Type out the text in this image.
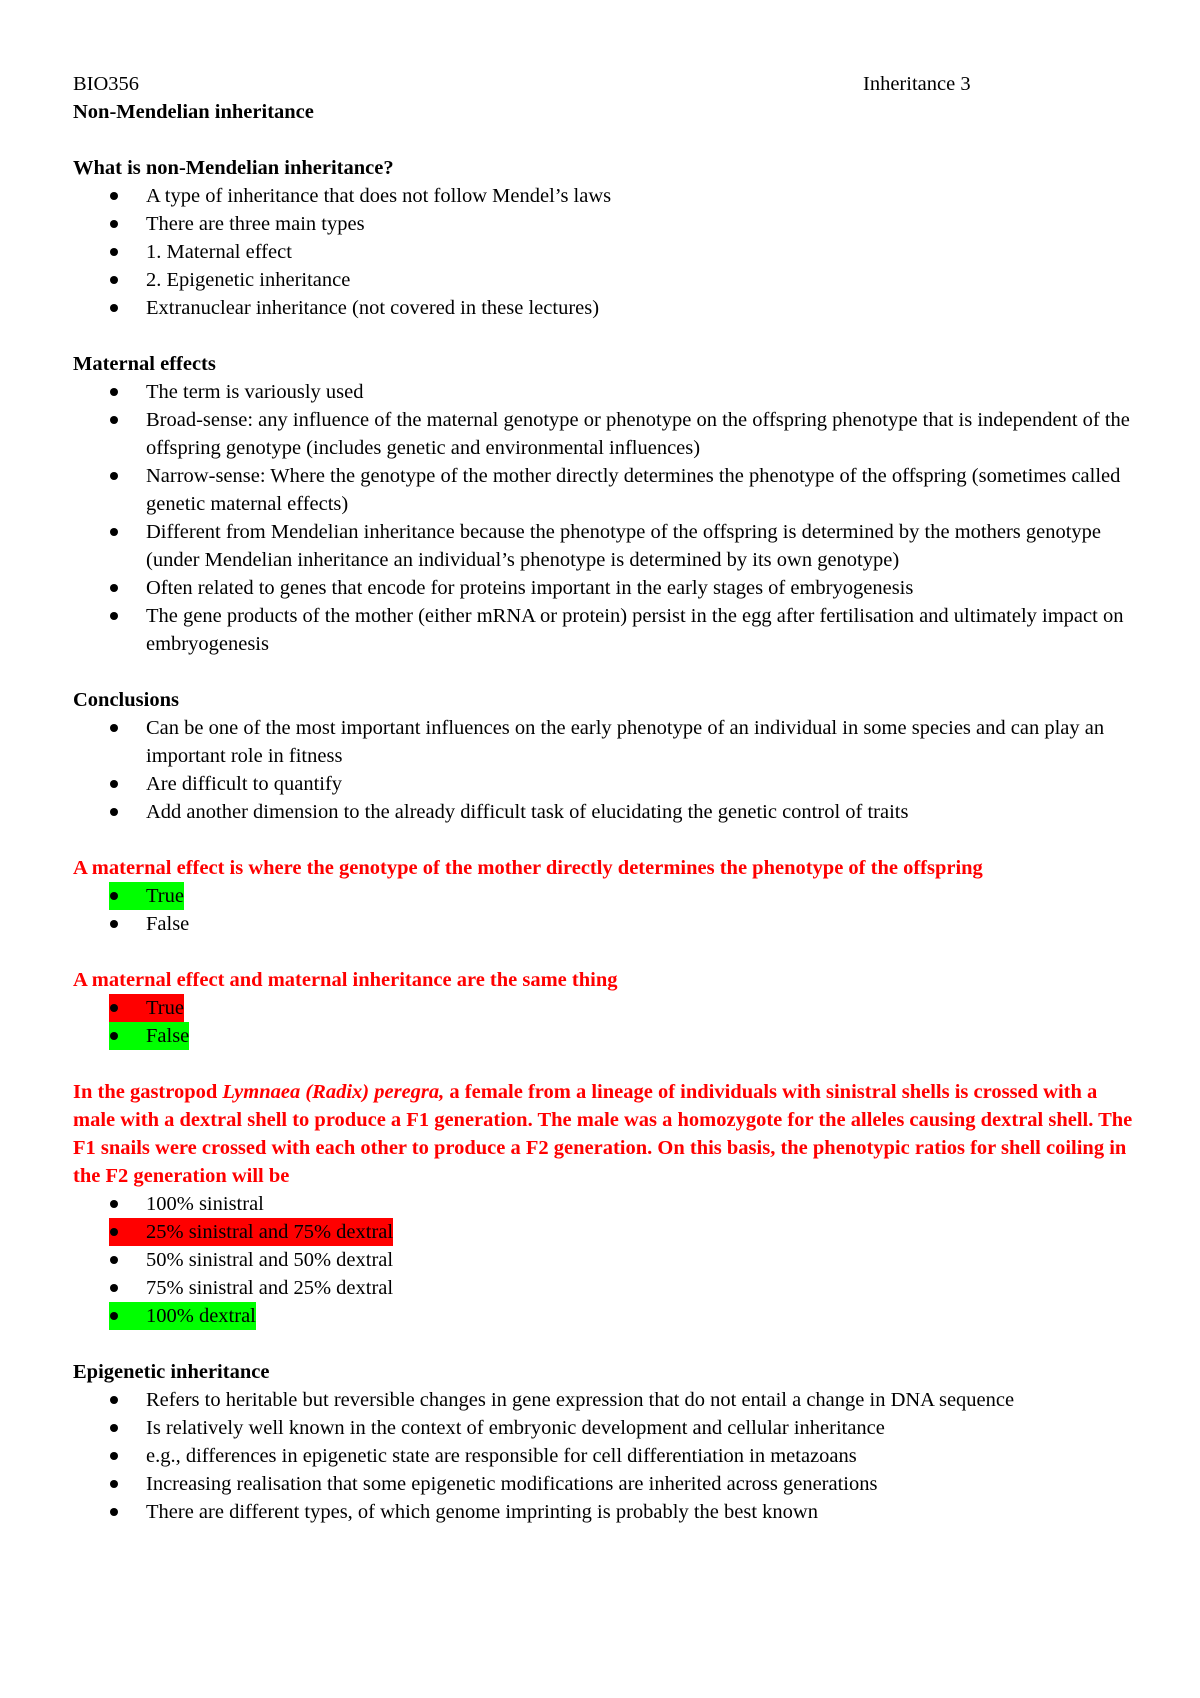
BIO356	Inheritance 3
Non-Mendelian inheritance
What is non-Mendelian inheritance?
A type of inheritance that does not follow Mendel’s laws
There are three main types
1. Maternal effect
2. Epigenetic inheritance
Extranuclear inheritance (not covered in these lectures)
Maternal effects
The term is variously used
Broad-sense: any influence of the maternal genotype or phenotype on the offspring phenotype that is independent of the offspring genotype (includes genetic and environmental influences)
Narrow-sense: Where the genotype of the mother directly determines the phenotype of the offspring (sometimes called genetic maternal effects)
Different from Mendelian inheritance because the phenotype of the offspring is determined by the mothers genotype (under Mendelian inheritance an individual’s phenotype is determined by its own genotype)
Often related to genes that encode for proteins important in the early stages of embryogenesis
The gene products of the mother (either mRNA or protein) persist in the egg after fertilisation and ultimately impact on embryogenesis
Conclusions
Can be one of the most important influences on the early phenotype of an individual in some species and can play an important role in fitness
Are difficult to quantify
Add another dimension to the already difficult task of elucidating the genetic control of traits
A maternal effect is where the genotype of the mother directly determines the phenotype of the offspring
True
False
A maternal effect and maternal inheritance are the same thing
True
False
In the gastropod Lymnaea (Radix) peregra, a female from a lineage of individuals with sinistral shells is crossed with a male with a dextral shell to produce a F1 generation. The male was a homozygote for the alleles causing dextral shell. The F1 snails were crossed with each other to produce a F2 generation. On this basis, the phenotypic ratios for shell coiling in the F2 generation will be
100% sinistral
25% sinistral and 75% dextral
50% sinistral and 50% dextral
75% sinistral and 25% dextral
100% dextral
Epigenetic inheritance
Refers to heritable but reversible changes in gene expression that do not entail a change in DNA sequence
Is relatively well known in the context of embryonic development and cellular inheritance
e.g., differences in epigenetic state are responsible for cell differentiation in metazoans
Increasing realisation that some epigenetic modifications are inherited across generations
There are different types, of which genome imprinting is probably the best known
